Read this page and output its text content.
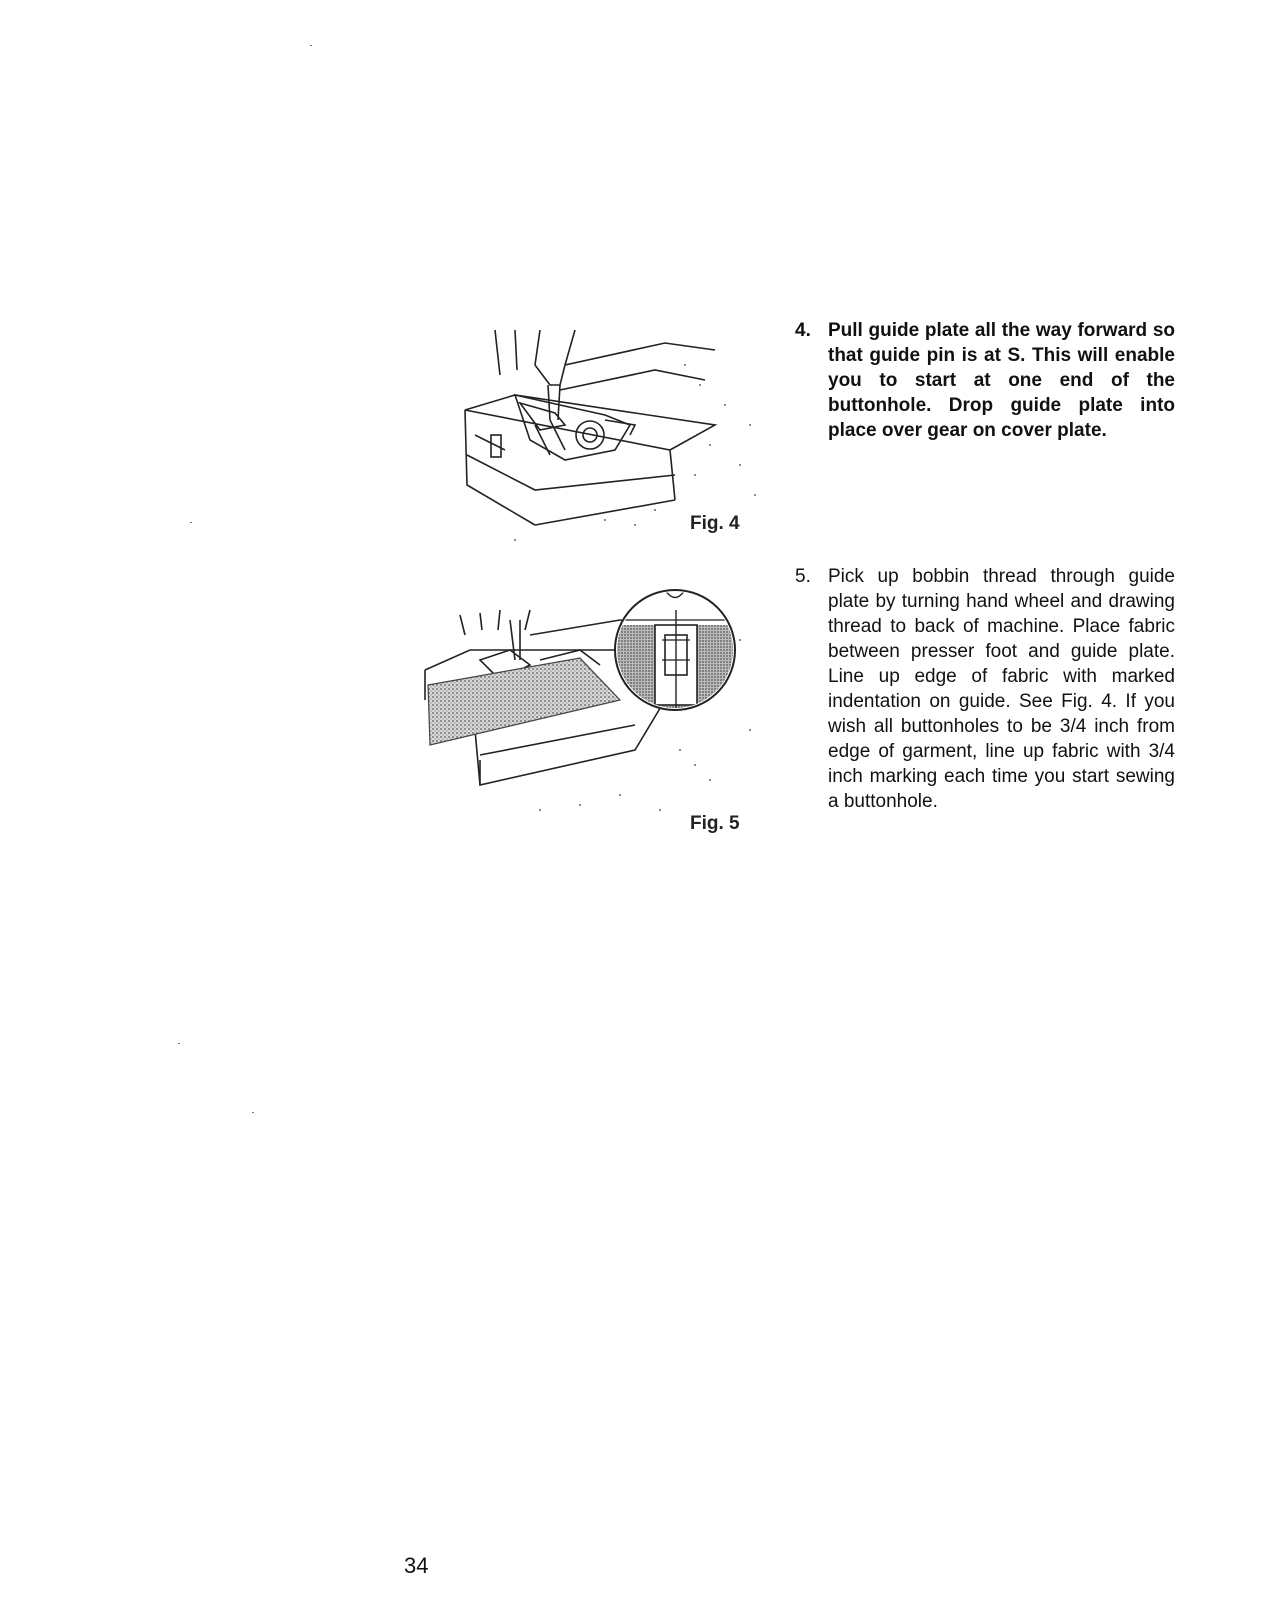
Fig. 4
Fig. 5
4. Pull guide plate all the way forward so that guide pin is at S. This will enable you to start at one end of the buttonhole. Drop guide plate into place over gear on cover plate.
5. Pick up bobbin thread through guide plate by turning hand wheel and drawing thread to back of machine. Place fabric between presser foot and guide plate. Line up edge of fabric with marked indentation on guide. See Fig. 4. If you wish all buttonholes to be 3/4 inch from edge of garment, line up fabric with 3/4 inch marking each time you start sewing a buttonhole.
34
